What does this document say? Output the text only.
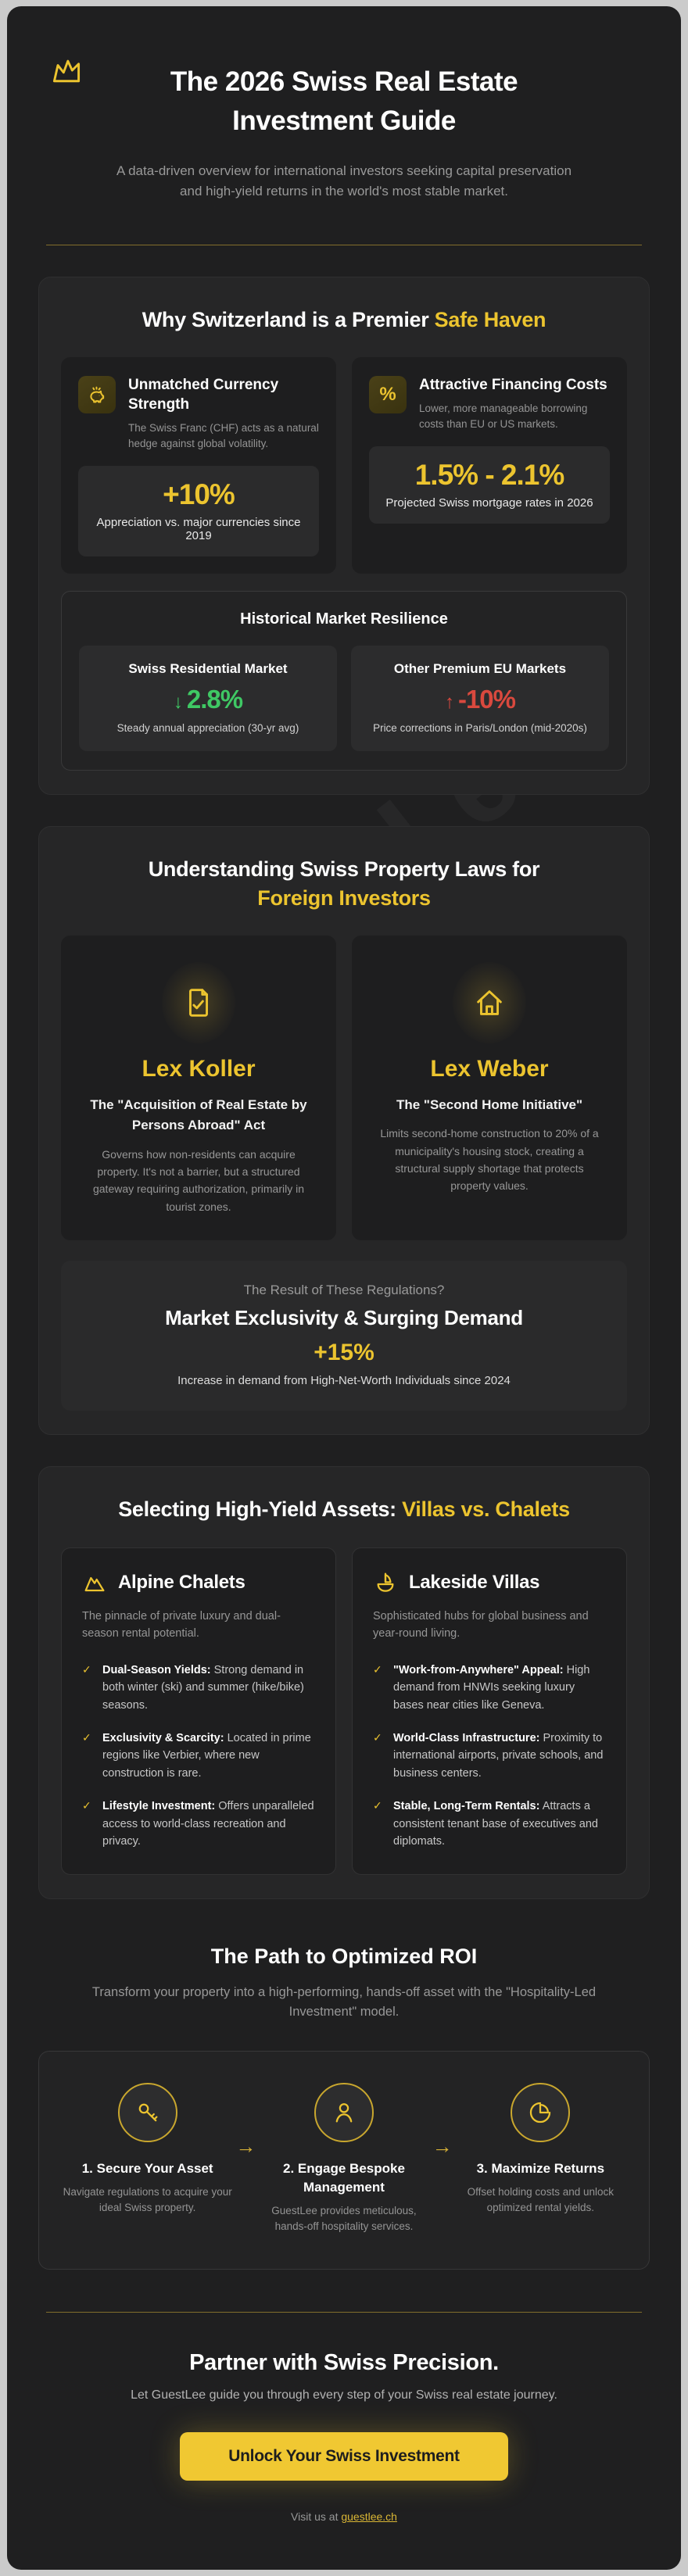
The 2026 Swiss Real Estate
Investment Guide
A data-driven overview for international investors seeking capital preservation and high-yield returns in the world's most stable market.
Why Switzerland is a Premier Safe Haven
Unmatched Currency Strength
The Swiss Franc (CHF) acts as a natural hedge against global volatility.
+10%
Appreciation vs. major currencies since 2019
% Attractive Financing Costs
Lower, more manageable borrowing costs than EU or US markets.
1.5% - 2.1%
Projected Swiss mortgage rates in 2026
Historical Market Resilience
Swiss Residential Market
↓ 2.8%
Steady annual appreciation (30-yr avg)
Other Premium EU Markets
↑ -10%
Price corrections in Paris/London (mid-2020s)
Understanding Swiss Property Laws for
Foreign Investors
Lex Koller
The "Acquisition of Real Estate by Persons Abroad" Act
Governs how non-residents can acquire property. It's not a barrier, but a structured gateway requiring authorization, primarily in tourist zones.
Lex Weber
The "Second Home Initiative"
Limits second-home construction to 20% of a municipality's housing stock, creating a structural supply shortage that protects property values.
The Result of These Regulations?
Market Exclusivity & Surging Demand
+15%
Increase in demand from High-Net-Worth Individuals since 2024
Selecting High-Yield Assets: Villas vs. Chalets
Alpine Chalets
The pinnacle of private luxury and dual-season rental potential.
✓ Dual-Season Yields: Strong demand in both winter (ski) and summer (hike/bike) seasons.
✓ Exclusivity & Scarcity: Located in prime regions like Verbier, where new construction is rare.
✓ Lifestyle Investment: Offers unparalleled access to world-class recreation and privacy.
Lakeside Villas
Sophisticated hubs for global business and year-round living.
✓ "Work-from-Anywhere" Appeal: High demand from HNWIs seeking luxury bases near cities like Geneva.
✓ World-Class Infrastructure: Proximity to international airports, private schools, and business centers.
✓ Stable, Long-Term Rentals: Attracts a consistent tenant base of executives and diplomats.
The Path to Optimized ROI
Transform your property into a high-performing, hands-off asset with the "Hospitality-Led Investment" model.
1. Secure Your Asset
Navigate regulations to acquire your ideal Swiss property.
→
2. Engage Bespoke Management
GuestLee provides meticulous, hands-off hospitality services.
→
3. Maximize Returns
Offset holding costs and unlock optimized rental yields.
Partner with Swiss Precision.
Let GuestLee guide you through every step of your Swiss real estate journey.
Unlock Your Swiss Investment
Visit us at guestlee.ch
